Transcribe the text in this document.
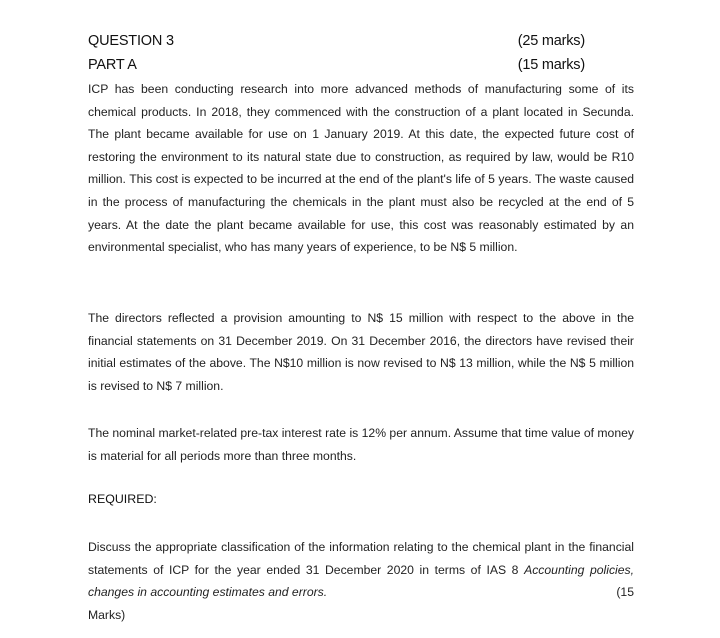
QUESTION 3	(25 marks)
PART A	(15 marks)

ICP has been conducting research into more advanced methods of manufacturing some of its chemical products. In 2018, they commenced with the construction of a plant located in Secunda. The plant became available for use on 1 January 2019. At this date, the expected future cost of restoring the environment to its natural state due to construction, as required by law, would be R10 million. This cost is expected to be incurred at the end of the plant's life of 5 years. The waste caused in the process of manufacturing the chemicals in the plant must also be recycled at the end of 5 years. At the date the plant became available for use, this cost was reasonably estimated by an environmental specialist, who has many years of experience, to be N$ 5 million.

The directors reflected a provision amounting to N$ 15 million with respect to the above in the financial statements on 31 December 2019. On 31 December 2016, the directors have revised their initial estimates of the above. The N$10 million is now revised to N$ 13 million, while the N$ 5 million is revised to N$ 7 million.

The nominal market-related pre-tax interest rate is 12% per annum. Assume that time value of money is material for all periods more than three months.

REQUIRED:

Discuss the appropriate classification of the information relating to the chemical plant in the financial statements of ICP for the year ended 31 December 2020 in terms of IAS 8 Accounting policies, changes in accounting estimates and errors.	(15
Marks)
